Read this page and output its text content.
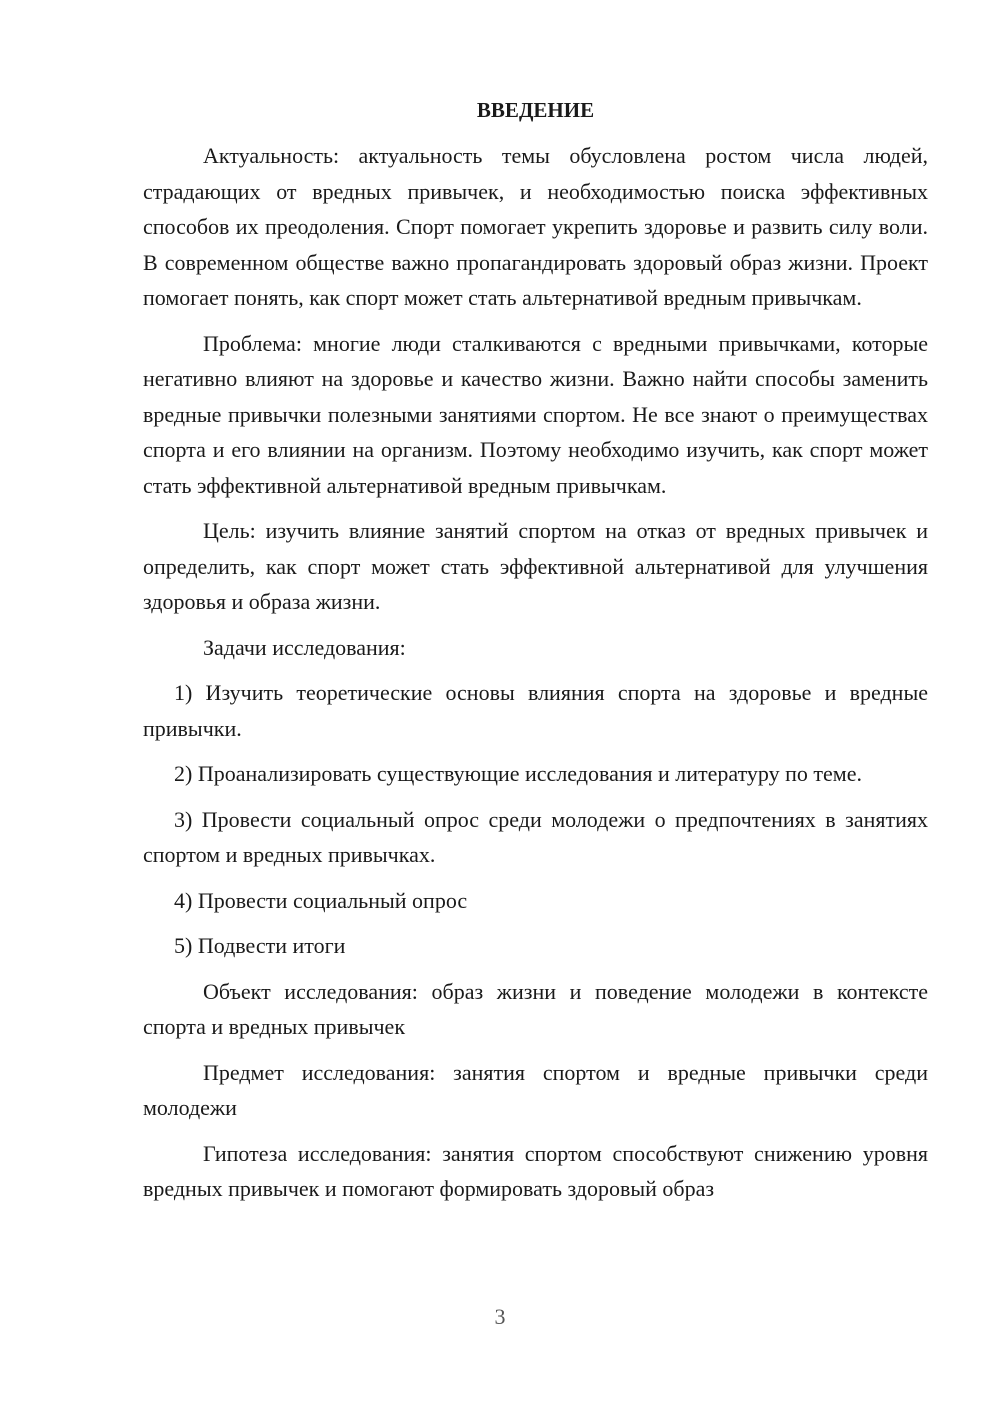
ВВЕДЕНИЕ

Актуальность: актуальность темы обусловлена ростом числа людей, страдающих от вредных привычек, и необходимостью поиска эффективных способов их преодоления. Спорт помогает укрепить здоровье и развить силу воли. В современном обществе важно пропагандировать здоровый образ жизни. Проект помогает понять, как спорт может стать альтернативой вредным привычкам.

Проблема: многие люди сталкиваются с вредными привычками, которые негативно влияют на здоровье и качество жизни. Важно найти способы заменить вредные привычки полезными занятиями спортом. Не все знают о преимуществах спорта и его влиянии на организм. Поэтому необходимо изучить, как спорт может стать эффективной альтернативой вредным привычкам.

Цель: изучить влияние занятий спортом на отказ от вредных привычек и определить, как спорт может стать эффективной альтернативой для улучшения здоровья и образа жизни.

Задачи исследования:

1) Изучить теоретические основы влияния спорта на здоровье и вредные привычки.

2) Проанализировать существующие исследования и литературу по теме.

3) Провести социальный опрос среди молодежи о предпочтениях в занятиях спортом и вредных привычках.

4) Провести социальный опрос

5) Подвести итоги

Объект исследования: образ жизни и поведение молодежи в контексте спорта и вредных привычек

Предмет исследования: занятия спортом и вредные привычки среди молодежи

Гипотеза исследования: занятия спортом способствуют снижению уровня вредных привычек и помогают формировать здоровый образ

3
